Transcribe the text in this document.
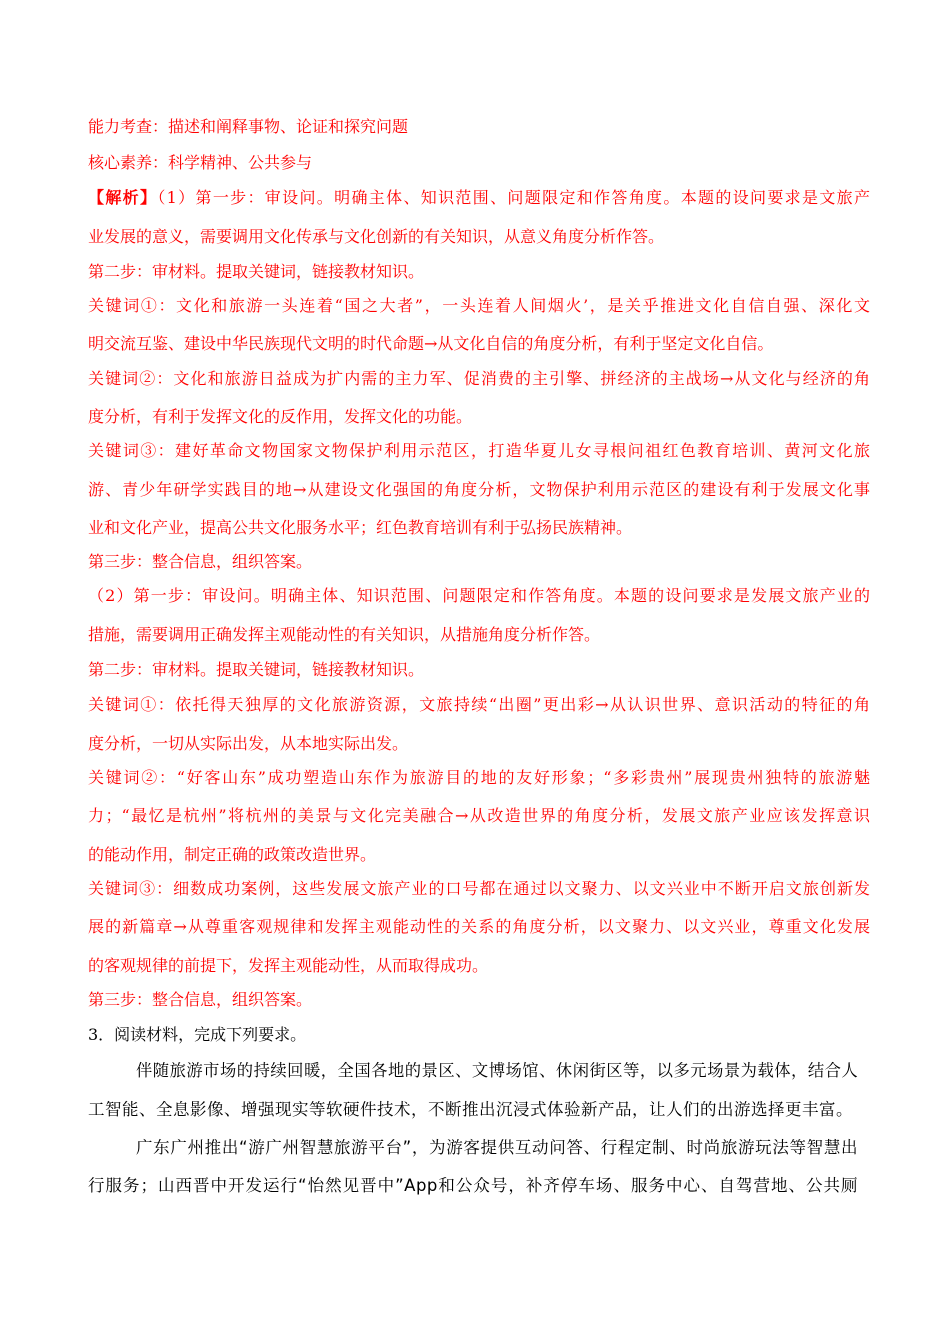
能力考查：描述和阐释事物、论证和探究问题
核心素养：科学精神、公共参与
【解析】（1）第一步：审设问。明确主体、知识范围、问题限定和作答角度。本题的设问要求是文旅产
业发展的意义，需要调用文化传承与文化创新的有关知识，从意义角度分析作答。
第二步：审材料。提取关键词，链接教材知识。
关键词①：文化和旅游一头连着“国之大者”，一头连着人间烟火’，是关乎推进文化自信自强、深化文
明交流互鉴、建设中华民族现代文明的时代命题→从文化自信的角度分析，有利于坚定文化自信。
关键词②：文化和旅游日益成为扩内需的主力军、促消费的主引擎、拼经济的主战场→从文化与经济的角
度分析，有利于发挥文化的反作用，发挥文化的功能。
关键词③：建好革命文物国家文物保护利用示范区，打造华夏儿女寻根问祖红色教育培训、黄河文化旅
游、青少年研学实践目的地→从建设文化强国的角度分析，文物保护利用示范区的建设有利于发展文化事
业和文化产业，提高公共文化服务水平；红色教育培训有利于弘扬民族精神。
第三步：整合信息，组织答案。
（2）第一步：审设问。明确主体、知识范围、问题限定和作答角度。本题的设问要求是发展文旅产业的
措施，需要调用正确发挥主观能动性的有关知识，从措施角度分析作答。
第二步：审材料。提取关键词，链接教材知识。
关键词①：依托得天独厚的文化旅游资源，文旅持续“出圈”更出彩→从认识世界、意识活动的特征的角
度分析，一切从实际出发，从本地实际出发。
关键词②：“好客山东”成功塑造山东作为旅游目的地的友好形象；“多彩贵州”展现贵州独特的旅游魅
力；“最忆是杭州”将杭州的美景与文化完美融合→从改造世界的角度分析，发展文旅产业应该发挥意识
的能动作用，制定正确的政策改造世界。
关键词③：细数成功案例，这些发展文旅产业的口号都在通过以文聚力、以文兴业中不断开启文旅创新发
展的新篇章→从尊重客观规律和发挥主观能动性的关系的角度分析，以文聚力、以文兴业，尊重文化发展
的客观规律的前提下，发挥主观能动性，从而取得成功。
第三步：整合信息，组织答案。
3．阅读材料，完成下列要求。
伴随旅游市场的持续回暖，全国各地的景区、文博场馆、休闲街区等，以多元场景为载体，结合人
工智能、全息影像、增强现实等软硬件技术，不断推出沉浸式体验新产品，让人们的出游选择更丰富。
广东广州推出“游广州智慧旅游平台”，为游客提供互动问答、行程定制、时尚旅游玩法等智慧出
行服务；山西晋中开发运行“怡然见晋中”App和公众号，补齐停车场、服务中心、自驾营地、公共厕
